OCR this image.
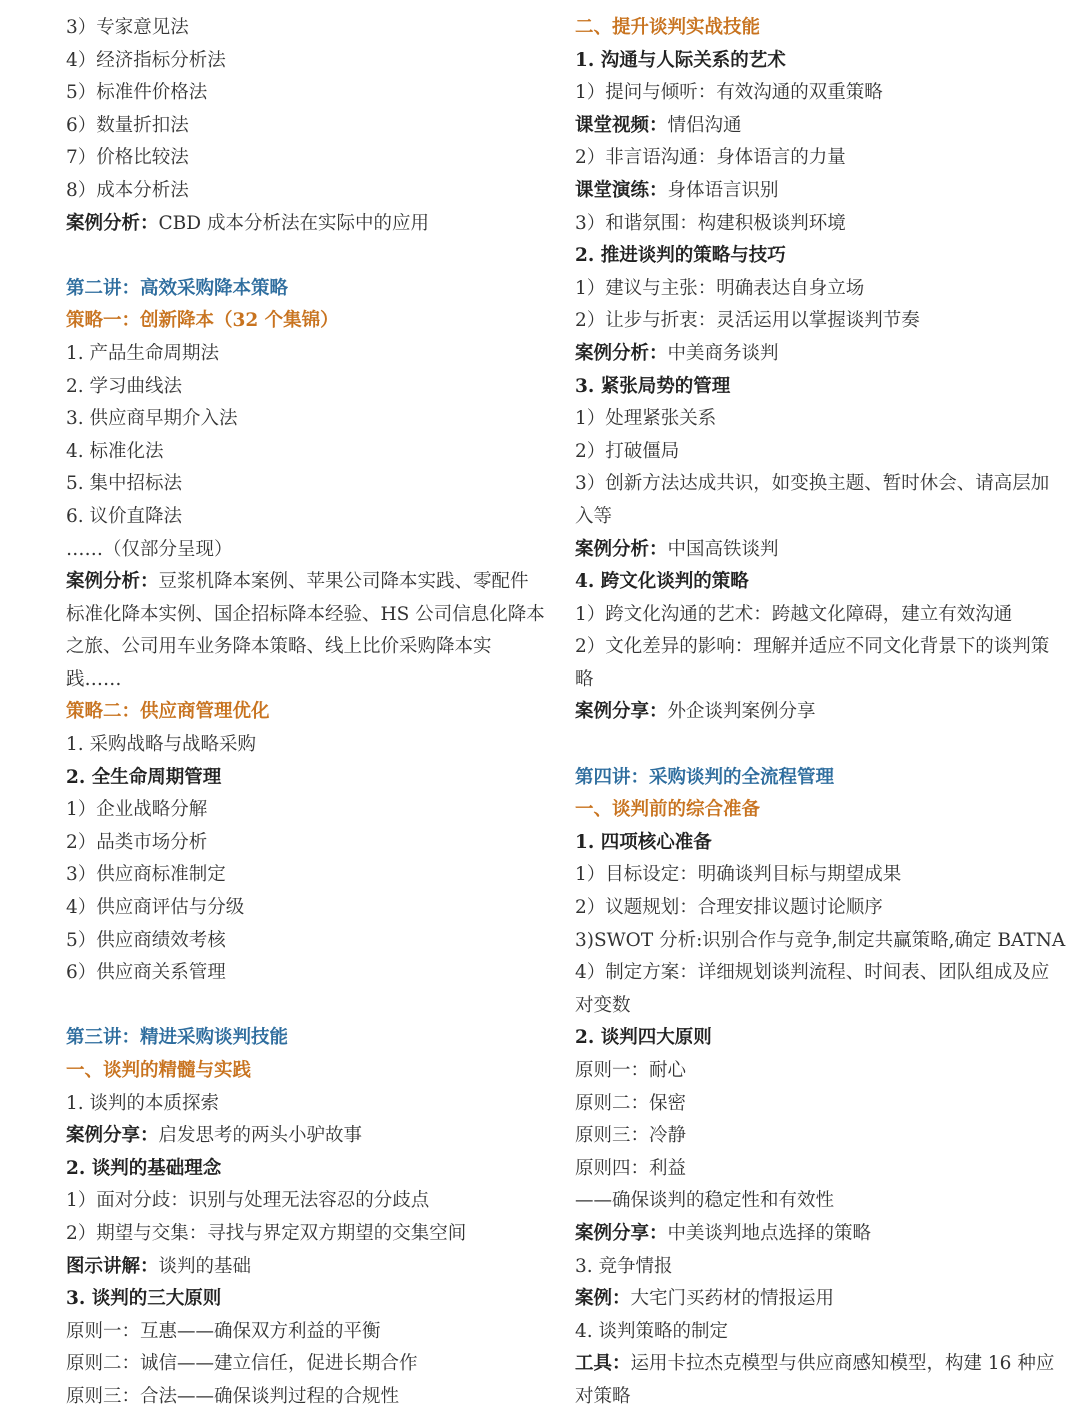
3）专家意见法
4）经济指标分析法
5）标准件价格法
6）数量折扣法
7）价格比较法
8）成本分析法
案例分析：CBD 成本分析法在实际中的应用
第二讲：高效采购降本策略
策略一：创新降本（32 个集锦）
1. 产品生命周期法
2. 学习曲线法
3. 供应商早期介入法
4. 标准化法
5. 集中招标法
6. 议价直降法
……（仅部分呈现）
案例分析：豆浆机降本案例、苹果公司降本实践、零配件标准化降本实例、国企招标降本经验、HS 公司信息化降本之旅、公司用车业务降本策略、线上比价采购降本实践……
策略二：供应商管理优化
1. 采购战略与战略采购
2. 全生命周期管理
1）企业战略分解
2）品类市场分析
3）供应商标准制定
4）供应商评估与分级
5）供应商绩效考核
6）供应商关系管理
第三讲：精进采购谈判技能
一、谈判的精髓与实践
1. 谈判的本质探索
案例分享：启发思考的两头小驴故事
2. 谈判的基础理念
1）面对分歧：识别与处理无法容忍的分歧点
2）期望与交集：寻找与界定双方期望的交集空间
图示讲解：谈判的基础
3. 谈判的三大原则
原则一：互惠——确保双方利益的平衡
原则二：诚信——建立信任，促进长期合作
原则三：合法——确保谈判过程的合规性
二、提升谈判实战技能
1. 沟通与人际关系的艺术
1）提问与倾听：有效沟通的双重策略
课堂视频：情侣沟通
2）非言语沟通：身体语言的力量
课堂演练：身体语言识别
3）和谐氛围：构建积极谈判环境
2. 推进谈判的策略与技巧
1）建议与主张：明确表达自身立场
2）让步与折衷：灵活运用以掌握谈判节奏
案例分析：中美商务谈判
3. 紧张局势的管理
1）处理紧张关系
2）打破僵局
3）创新方法达成共识，如变换主题、暂时休会、请高层加入等
案例分析：中国高铁谈判
4. 跨文化谈判的策略
1）跨文化沟通的艺术：跨越文化障碍，建立有效沟通
2）文化差异的影响：理解并适应不同文化背景下的谈判策略
案例分享：外企谈判案例分享
第四讲：采购谈判的全流程管理
一、谈判前的综合准备
1. 四项核心准备
1）目标设定：明确谈判目标与期望成果
2）议题规划：合理安排议题讨论顺序
3)SWOT 分析:识别合作与竞争,制定共赢策略,确定 BATNA
4）制定方案：详细规划谈判流程、时间表、团队组成及应对变数
2. 谈判四大原则
原则一：耐心
原则二：保密
原则三：冷静
原则四：利益
——确保谈判的稳定性和有效性
案例分享：中美谈判地点选择的策略
3. 竞争情报
案例：大宅门买药材的情报运用
4. 谈判策略的制定
工具：运用卡拉杰克模型与供应商感知模型，构建 16 种应对策略
